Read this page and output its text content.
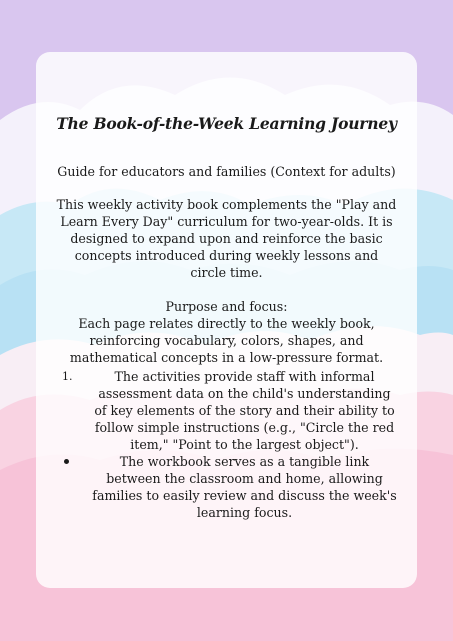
The Book-of-the-Week Learning Journey
Guide for educators and families (Context for adults)
This weekly activity book complements the "Play and Learn Every Day" curriculum for two-year-olds. It is designed to expand upon and reinforce the basic concepts introduced during weekly lessons and circle time.
Purpose and focus:
Each page relates directly to the weekly book, reinforcing vocabulary, colors, shapes, and mathematical concepts in a low-pressure format.
1.	The activities provide staff with informal assessment data on the child's understanding of key elements of the story and their ability to follow simple instructions (e.g., "Circle the red item," "Point to the largest object").
The workbook serves as a tangible link between the classroom and home, allowing families to easily review and discuss the week's learning focus.
